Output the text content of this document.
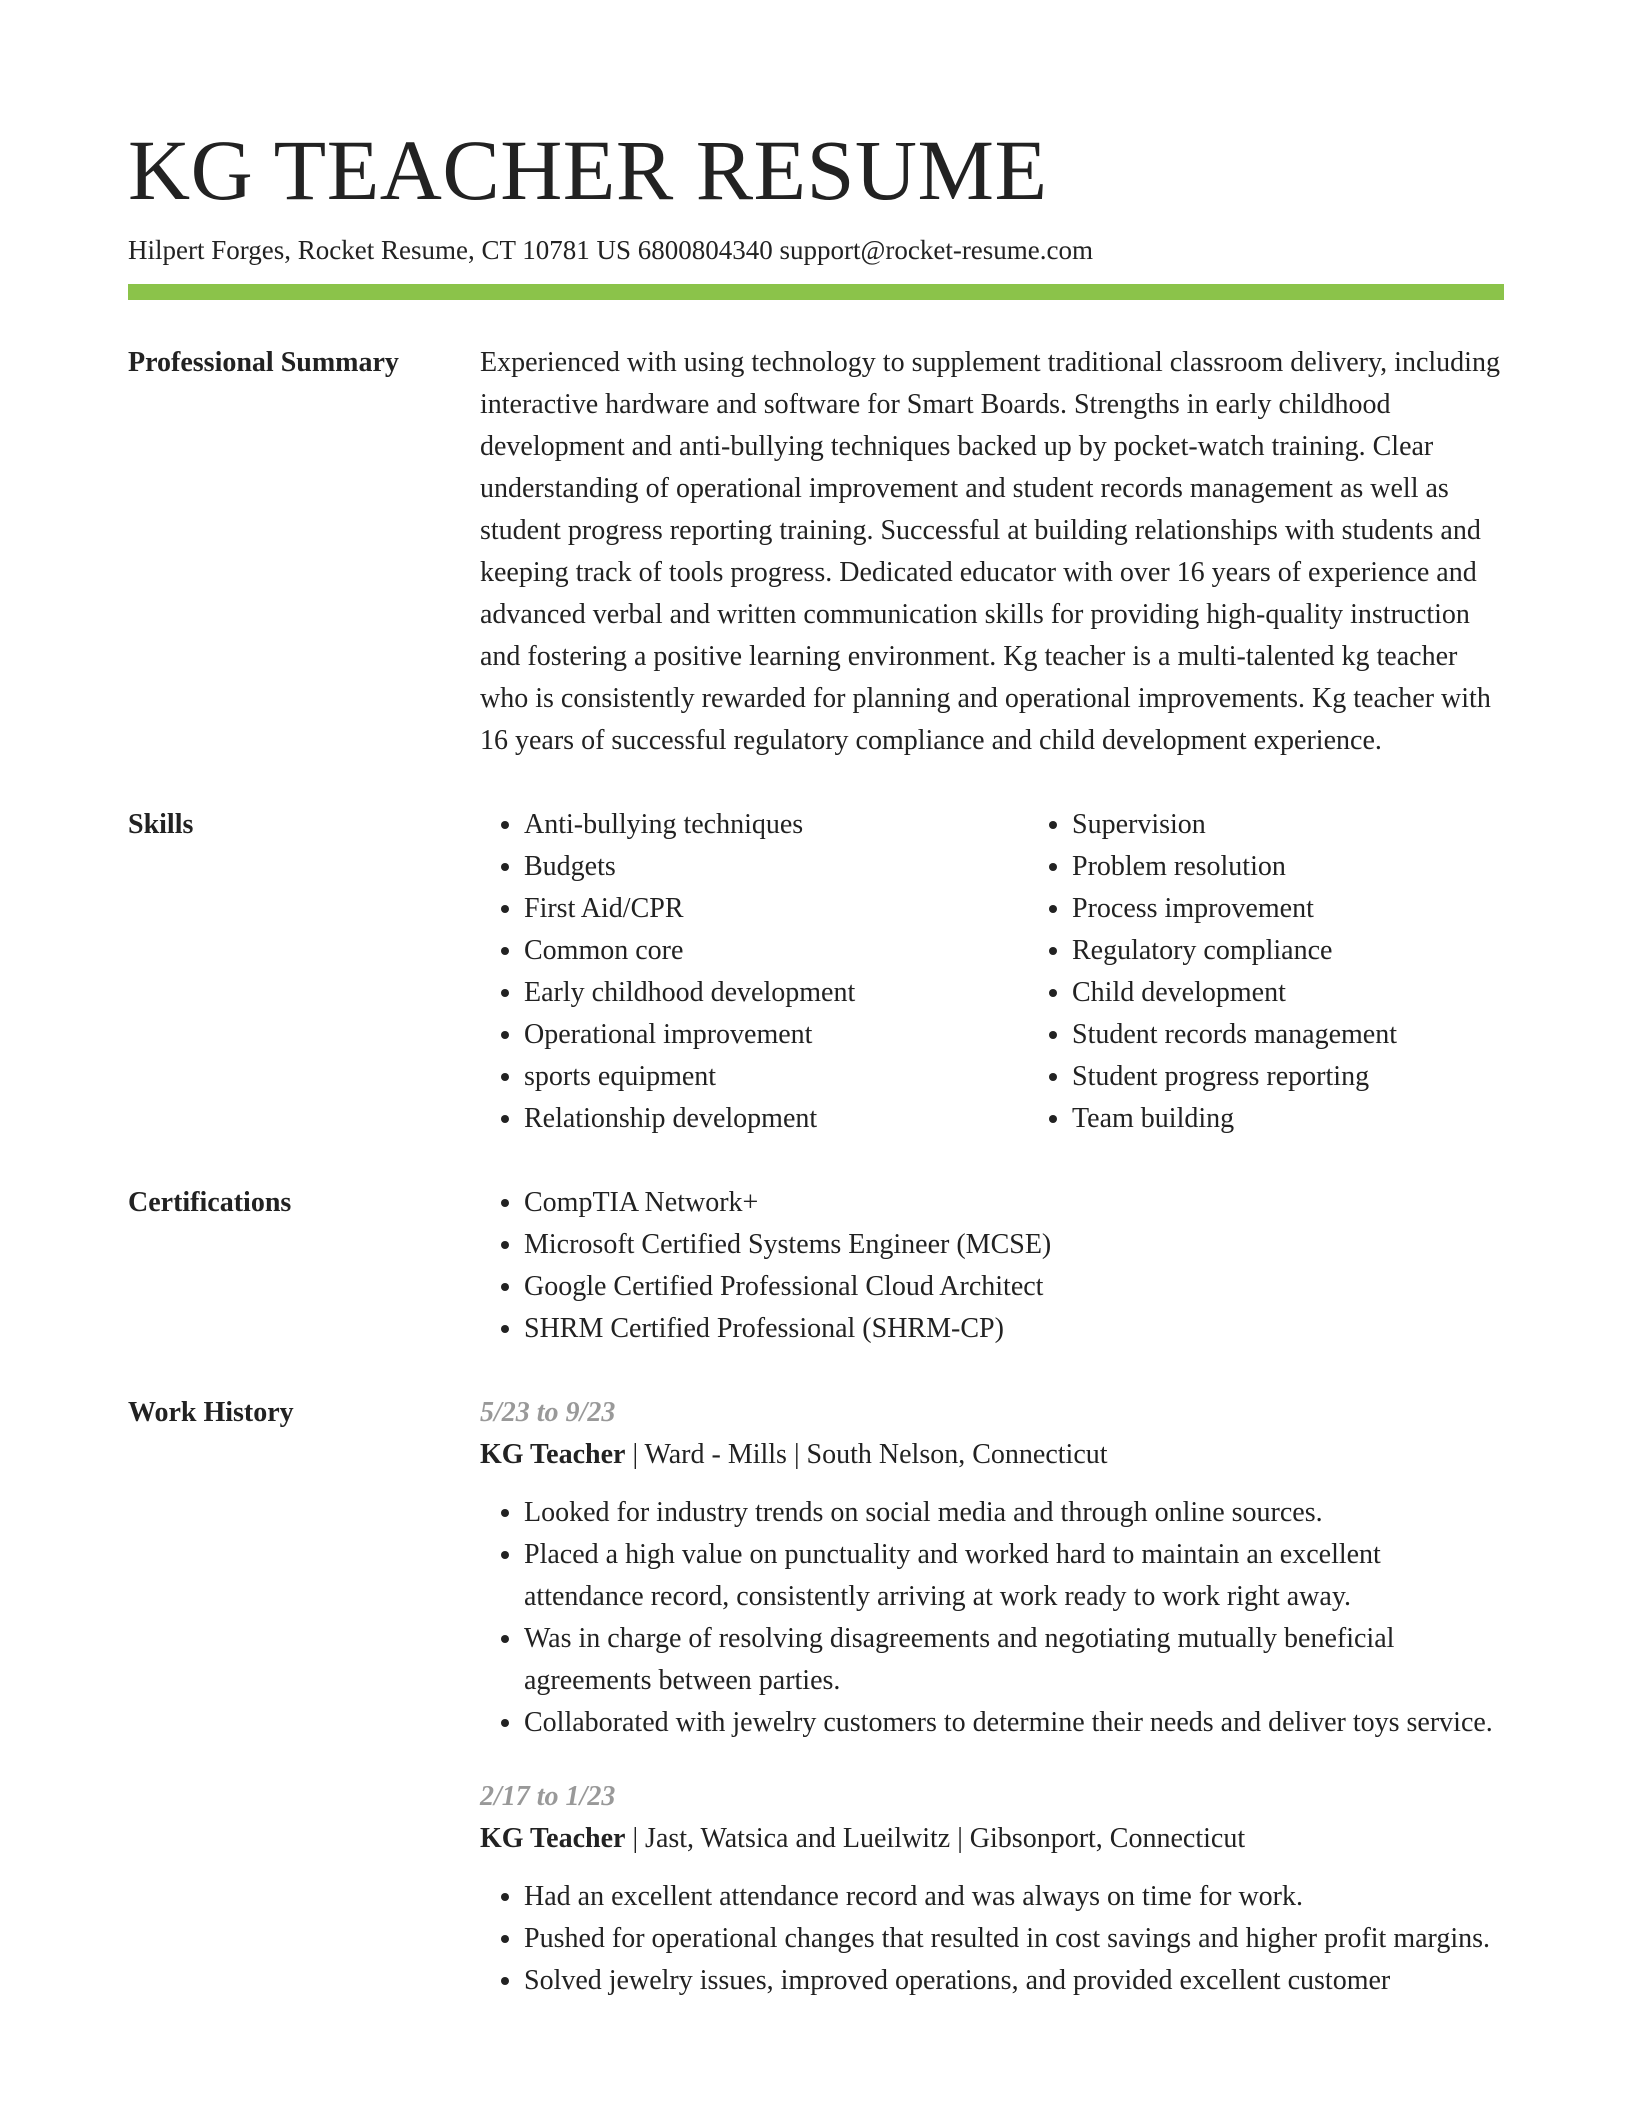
KG TEACHER RESUME
Hilpert Forges, Rocket Resume, CT 10781 US 6800804340 support@rocket-resume.com
Professional Summary	Experienced with using technology to supplement traditional classroom delivery, including interactive hardware and software for Smart Boards. Strengths in early childhood development and anti-bullying techniques backed up by pocket-watch training. Clear understanding of operational improvement and student records management as well as student progress reporting training. Successful at building relationships with students and keeping track of tools progress. Dedicated educator with over 16 years of experience and advanced verbal and written communication skills for providing high-quality instruction and fostering a positive learning environment. Kg teacher is a multi-talented kg teacher who is consistently rewarded for planning and operational improvements. Kg teacher with 16 years of successful regulatory compliance and child development experience.

Skills	• Anti-bullying techniques
• Budgets
• First Aid/CPR
• Common core
• Early childhood development
• Operational improvement
• sports equipment
• Relationship development
• Supervision
• Problem resolution
• Process improvement
• Regulatory compliance
• Child development
• Student records management
• Student progress reporting
• Team building
Certifications	• CompTIA Network+
• Microsoft Certified Systems Engineer (MCSE)
• Google Certified Professional Cloud Architect
• SHRM Certified Professional (SHRM-CP)
Work History	5/23 to 9/23
KG Teacher | Ward - Mills | South Nelson, Connecticut
• Looked for industry trends on social media and through online sources.
• Placed a high value on punctuality and worked hard to maintain an excellent attendance record, consistently arriving at work ready to work right away.
• Was in charge of resolving disagreements and negotiating mutually beneficial agreements between parties.
• Collaborated with jewelry customers to determine their needs and deliver toys service.
2/17 to 1/23
KG Teacher | Jast, Watsica and Lueilwitz | Gibsonport, Connecticut
• Had an excellent attendance record and was always on time for work.
• Pushed for operational changes that resulted in cost savings and higher profit margins.
• Solved jewelry issues, improved operations, and provided excellent customer
